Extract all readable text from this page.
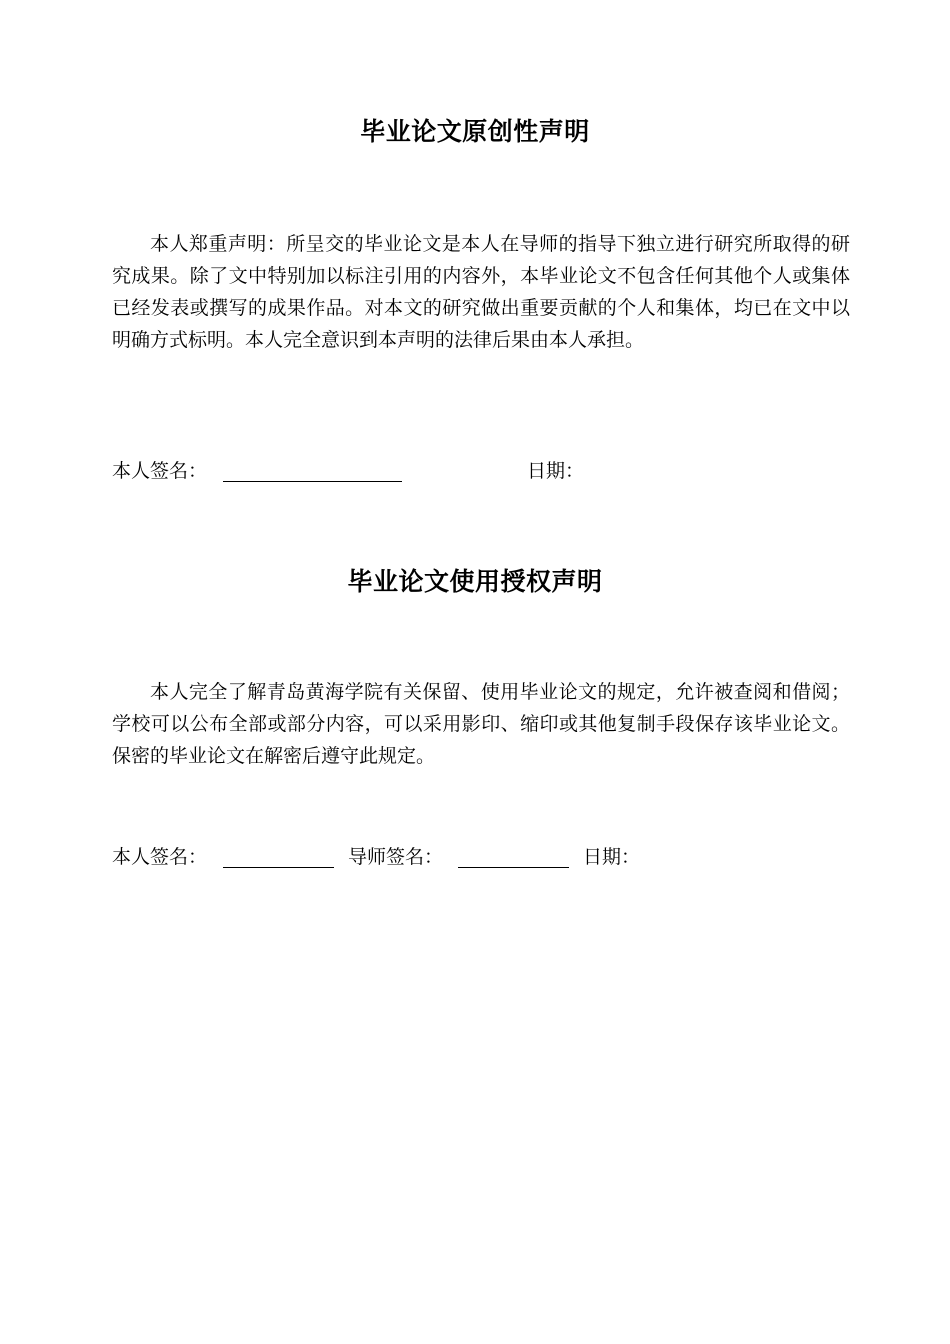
毕业论文原创性声明

本人郑重声明：所呈交的毕业论文是本人在导师的指导下独立进行研究所取得的研究成果。除了文中特别加以标注引用的内容外，本毕业论文不包含任何其他个人或集体已经发表或撰写的成果作品。对本文的研究做出重要贡献的个人和集体，均已在文中以明确方式标明。本人完全意识到本声明的法律后果由本人承担。

本人签名：	日期：
毕业论文使用授权声明

本人完全了解青岛黄海学院有关保留、使用毕业论文的规定，允许被查阅和借阅；学校可以公布全部或部分内容，可以采用影印、缩印或其他复制手段保存该毕业论文。保密的毕业论文在解密后遵守此规定。

本人签名：	导师签名：	日期：
